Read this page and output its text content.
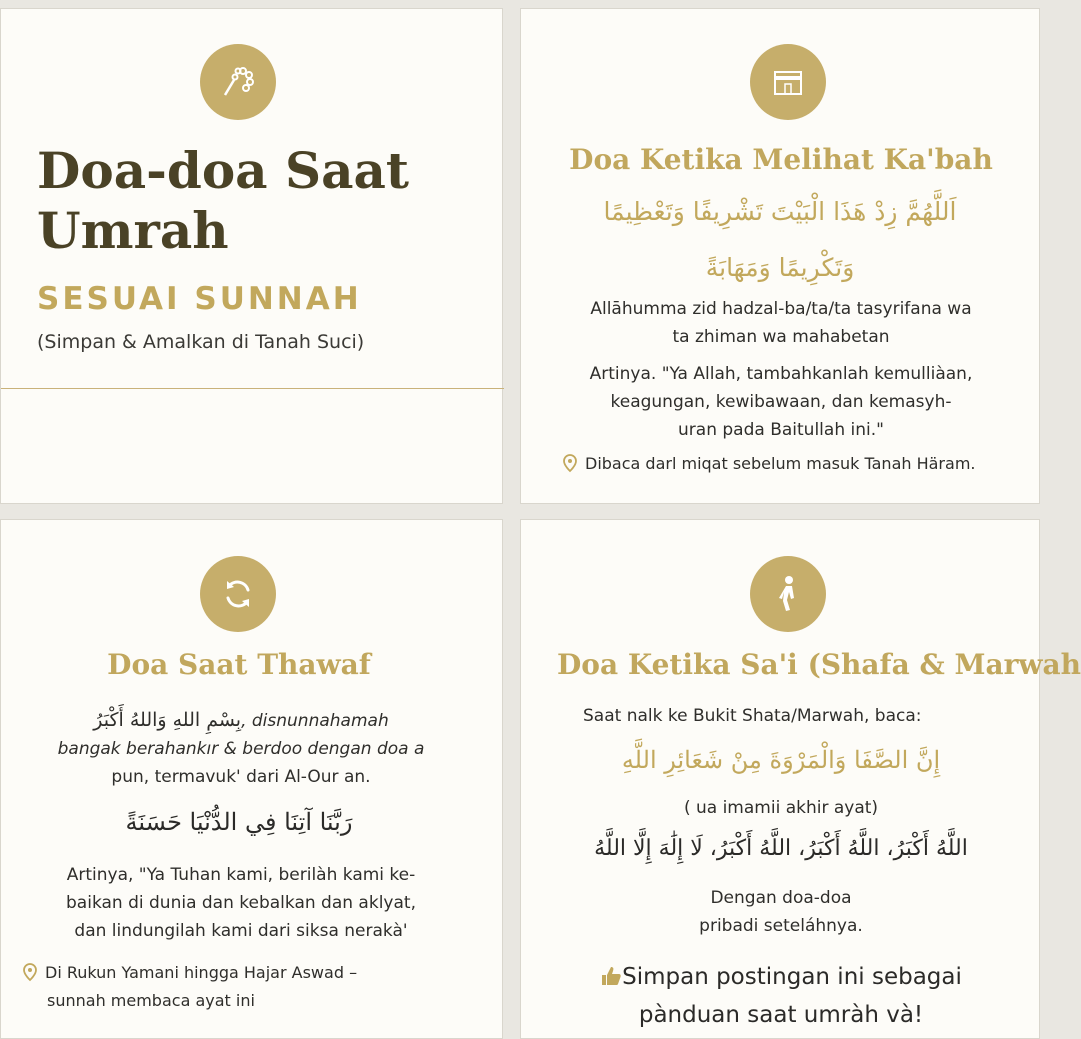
Doa-doa Saat Umrah
SESUAI SUNNAH
(Simpan & Amalkan di Tanah Suci)
Doa Ketika Melihat Ka'bah
اَللَّهُمَّ زِدْ هَذَا الْبَيْتَ تَشْرِيفًا وَتَعْظِيمًا
وَتَكْرِيمًا وَمَهَابَةً
Allāhumma zid hadzal-ba/ta/ta tasyrifana wa
ta zhiman wa mahabetan
Artinya. "Ya Allah, tambahkanlah kemulliàan,
keagungan, kewibawaan, dan kemasyh-
uran pada Baitullah ini."
Dibaca darl miqat sebelum masuk Tanah Häram.
Doa Saat Thawaf
بِسْمِ اللهِ وَاللهُ أَكْبَرُ, disnunnahamah
bangak berahankır & berdoo dengan doa a
pun, termavuk' dari Al-Our an.
رَبَّنَا آتِنَا فِي الدُّنْيَا حَسَنَةً
Artinya, "Ya Tuhan kami, berilàh kami ke-
baikan di dunia dan kebalkan dan aklyat,
dan lindungilah kami dari siksa nerakà'
Di Rukun Yamani hingga Hajar Aswad –
sunnah membaca ayat ini
Doa Ketika Sa'i (Shafa & Marwah
Saat nalk ke Bukit Shata/Marwah, baca:
إِنَّ الصَّفَا وَالْمَرْوَةَ مِنْ شَعَائِرِ اللَّهِ
( ua imamii akhir ayat)
اللَّهُ أَكْبَرُ، اللَّهُ أَكْبَرُ، اللَّهُ أَكْبَرُ، لَا إِلَٰهَ إِلَّا اللَّهُ
Dengan doa-doa
pribadi seteláhnya.
Simpan postingan ini sebagai
pànduan saat umràh và!
